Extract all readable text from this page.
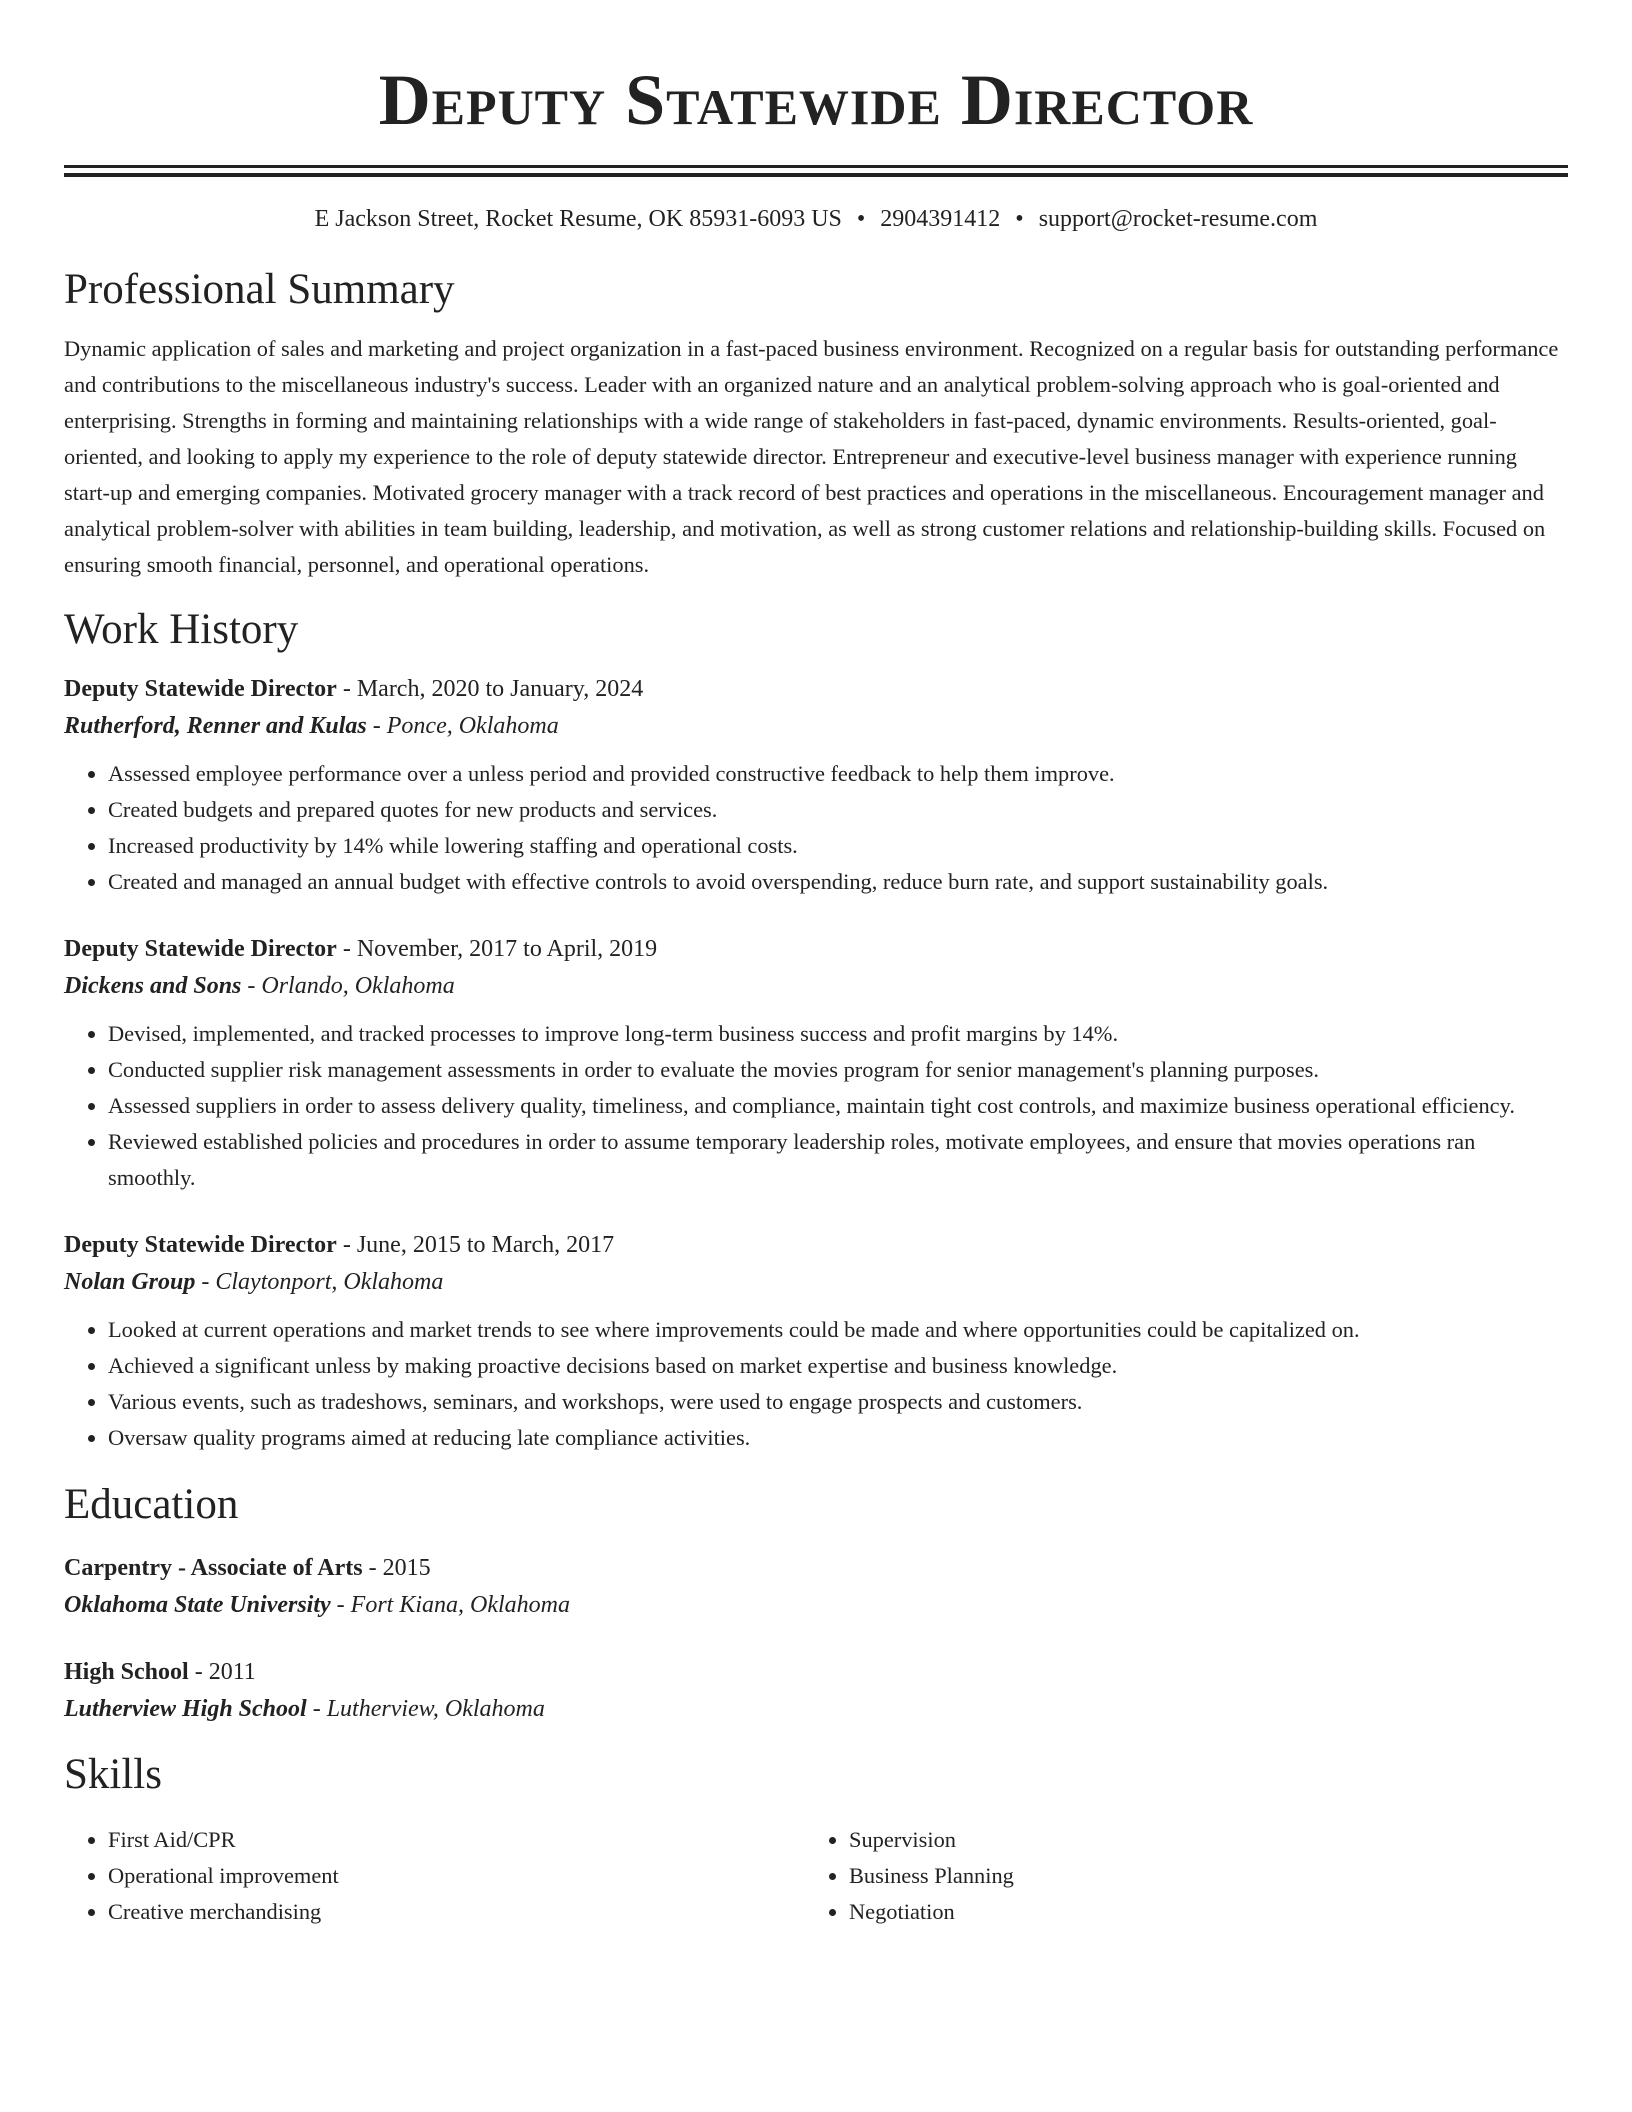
Deputy Statewide Director
E Jackson Street, Rocket Resume, OK 85931-6093 US • 2904391412 • support@rocket-resume.com
Professional Summary

Dynamic application of sales and marketing and project organization in a fast-paced business environment. Recognized on a regular basis for outstanding performance and contributions to the miscellaneous industry's success. Leader with an organized nature and an analytical problem-solving approach who is goal-oriented and enterprising. Strengths in forming and maintaining relationships with a wide range of stakeholders in fast-paced, dynamic environments. Results-oriented, goal-oriented, and looking to apply my experience to the role of deputy statewide director. Entrepreneur and executive-level business manager with experience running start-up and emerging companies. Motivated grocery manager with a track record of best practices and operations in the miscellaneous. Encouragement manager and analytical problem-solver with abilities in team building, leadership, and motivation, as well as strong customer relations and relationship-building skills. Focused on ensuring smooth financial, personnel, and operational operations.

Work History
Deputy Statewide Director - March, 2020 to January, 2024
Rutherford, Renner and Kulas - Ponce, Oklahoma
• Assessed employee performance over a unless period and provided constructive feedback to help them improve.
• Created budgets and prepared quotes for new products and services.
• Increased productivity by 14% while lowering staffing and operational costs.
• Created and managed an annual budget with effective controls to avoid overspending, reduce burn rate, and support sustainability goals.
Deputy Statewide Director - November, 2017 to April, 2019
Dickens and Sons - Orlando, Oklahoma
• Devised, implemented, and tracked processes to improve long-term business success and profit margins by 14%.
• Conducted supplier risk management assessments in order to evaluate the movies program for senior management's planning purposes.
• Assessed suppliers in order to assess delivery quality, timeliness, and compliance, maintain tight cost controls, and maximize business operational efficiency.
• Reviewed established policies and procedures in order to assume temporary leadership roles, motivate employees, and ensure that movies operations ran smoothly.
Deputy Statewide Director - June, 2015 to March, 2017
Nolan Group - Claytonport, Oklahoma
• Looked at current operations and market trends to see where improvements could be made and where opportunities could be capitalized on.
• Achieved a significant unless by making proactive decisions based on market expertise and business knowledge.
• Various events, such as tradeshows, seminars, and workshops, were used to engage prospects and customers.
• Oversaw quality programs aimed at reducing late compliance activities.
Education
Carpentry - Associate of Arts - 2015
Oklahoma State University - Fort Kiana, Oklahoma
High School - 2011
Lutherview High School - Lutherview, Oklahoma
Skills
• First Aid/CPR
• Operational improvement
• Creative merchandising
• Supervision
• Business Planning
• Negotiation
